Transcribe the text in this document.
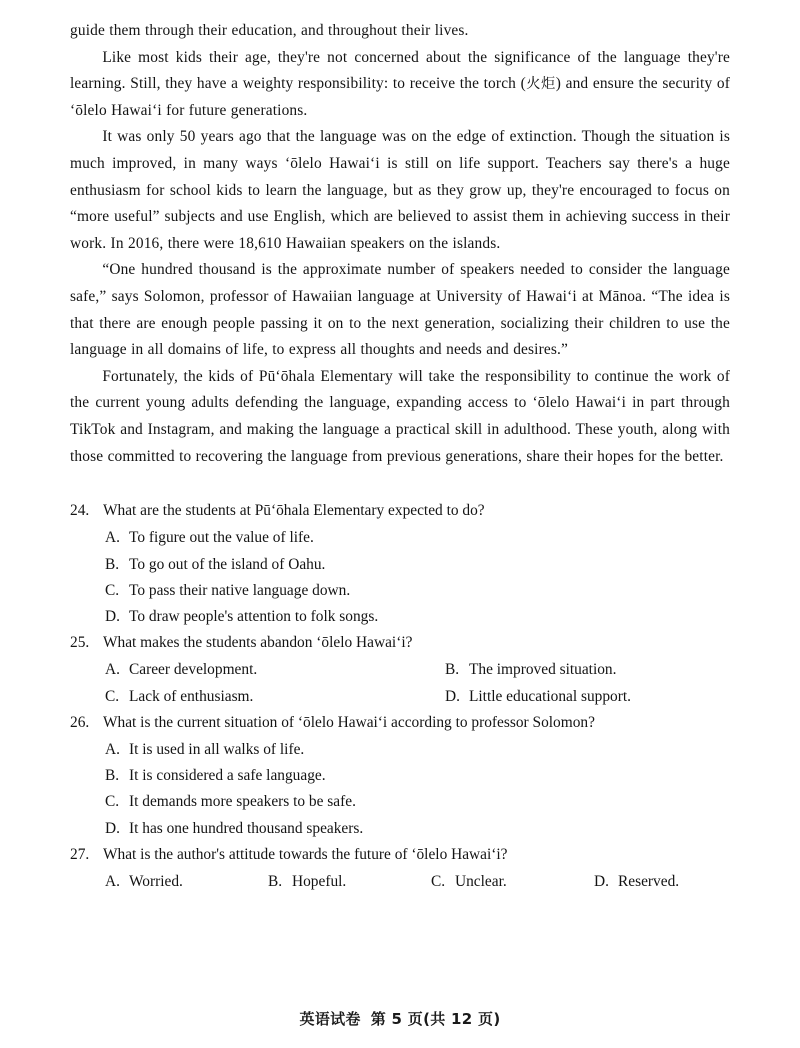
guide them through their education, and throughout their lives.

Like most kids their age, they're not concerned about the significance of the language they're learning. Still, they have a weighty responsibility: to receive the torch (火炬) and ensure the security of ʻōlelo Hawaiʻi for future generations.

It was only 50 years ago that the language was on the edge of extinction. Though the situation is much improved, in many ways ʻōlelo Hawaiʻi is still on life support. Teachers say there's a huge enthusiasm for school kids to learn the language, but as they grow up, they're encouraged to focus on “more useful” subjects and use English, which are believed to assist them in achieving success in their work. In 2016, there were 18,610 Hawaiian speakers on the islands.

“One hundred thousand is the approximate number of speakers needed to consider the language safe,” says Solomon, professor of Hawaiian language at University of Hawaiʻi at Mānoa. “The idea is that there are enough people passing it on to the next generation, socializing their children to use the language in all domains of life, to express all thoughts and needs and desires.”

Fortunately, the kids of Pūʻōhala Elementary will take the responsibility to continue the work of the current young adults defending the language, expanding access to ʻōlelo Hawaiʻi in part through TikTok and Instagram, and making the language a practical skill in adulthood. These youth, along with those committed to recovering the language from previous generations, share their hopes for the better.

24. What are the students at Pūʻōhala Elementary expected to do?
A. To figure out the value of life.
B. To go out of the island of Oahu.
C. To pass their native language down.
D. To draw people's attention to folk songs.
25. What makes the students abandon ʻōlelo Hawaiʻi?
A. Career development.	B. The improved situation.
C. Lack of enthusiasm.	D. Little educational support.
26. What is the current situation of ʻōlelo Hawaiʻi according to professor Solomon?
A. It is used in all walks of life.
B. It is considered a safe language.
C. It demands more speakers to be safe.
D. It has one hundred thousand speakers.
27. What is the author's attitude towards the future of ʻōlelo Hawaiʻi?
A. Worried.	B. Hopeful.	C. Unclear.	D. Reserved.
英语试卷 第 5 页(共 12 页)
